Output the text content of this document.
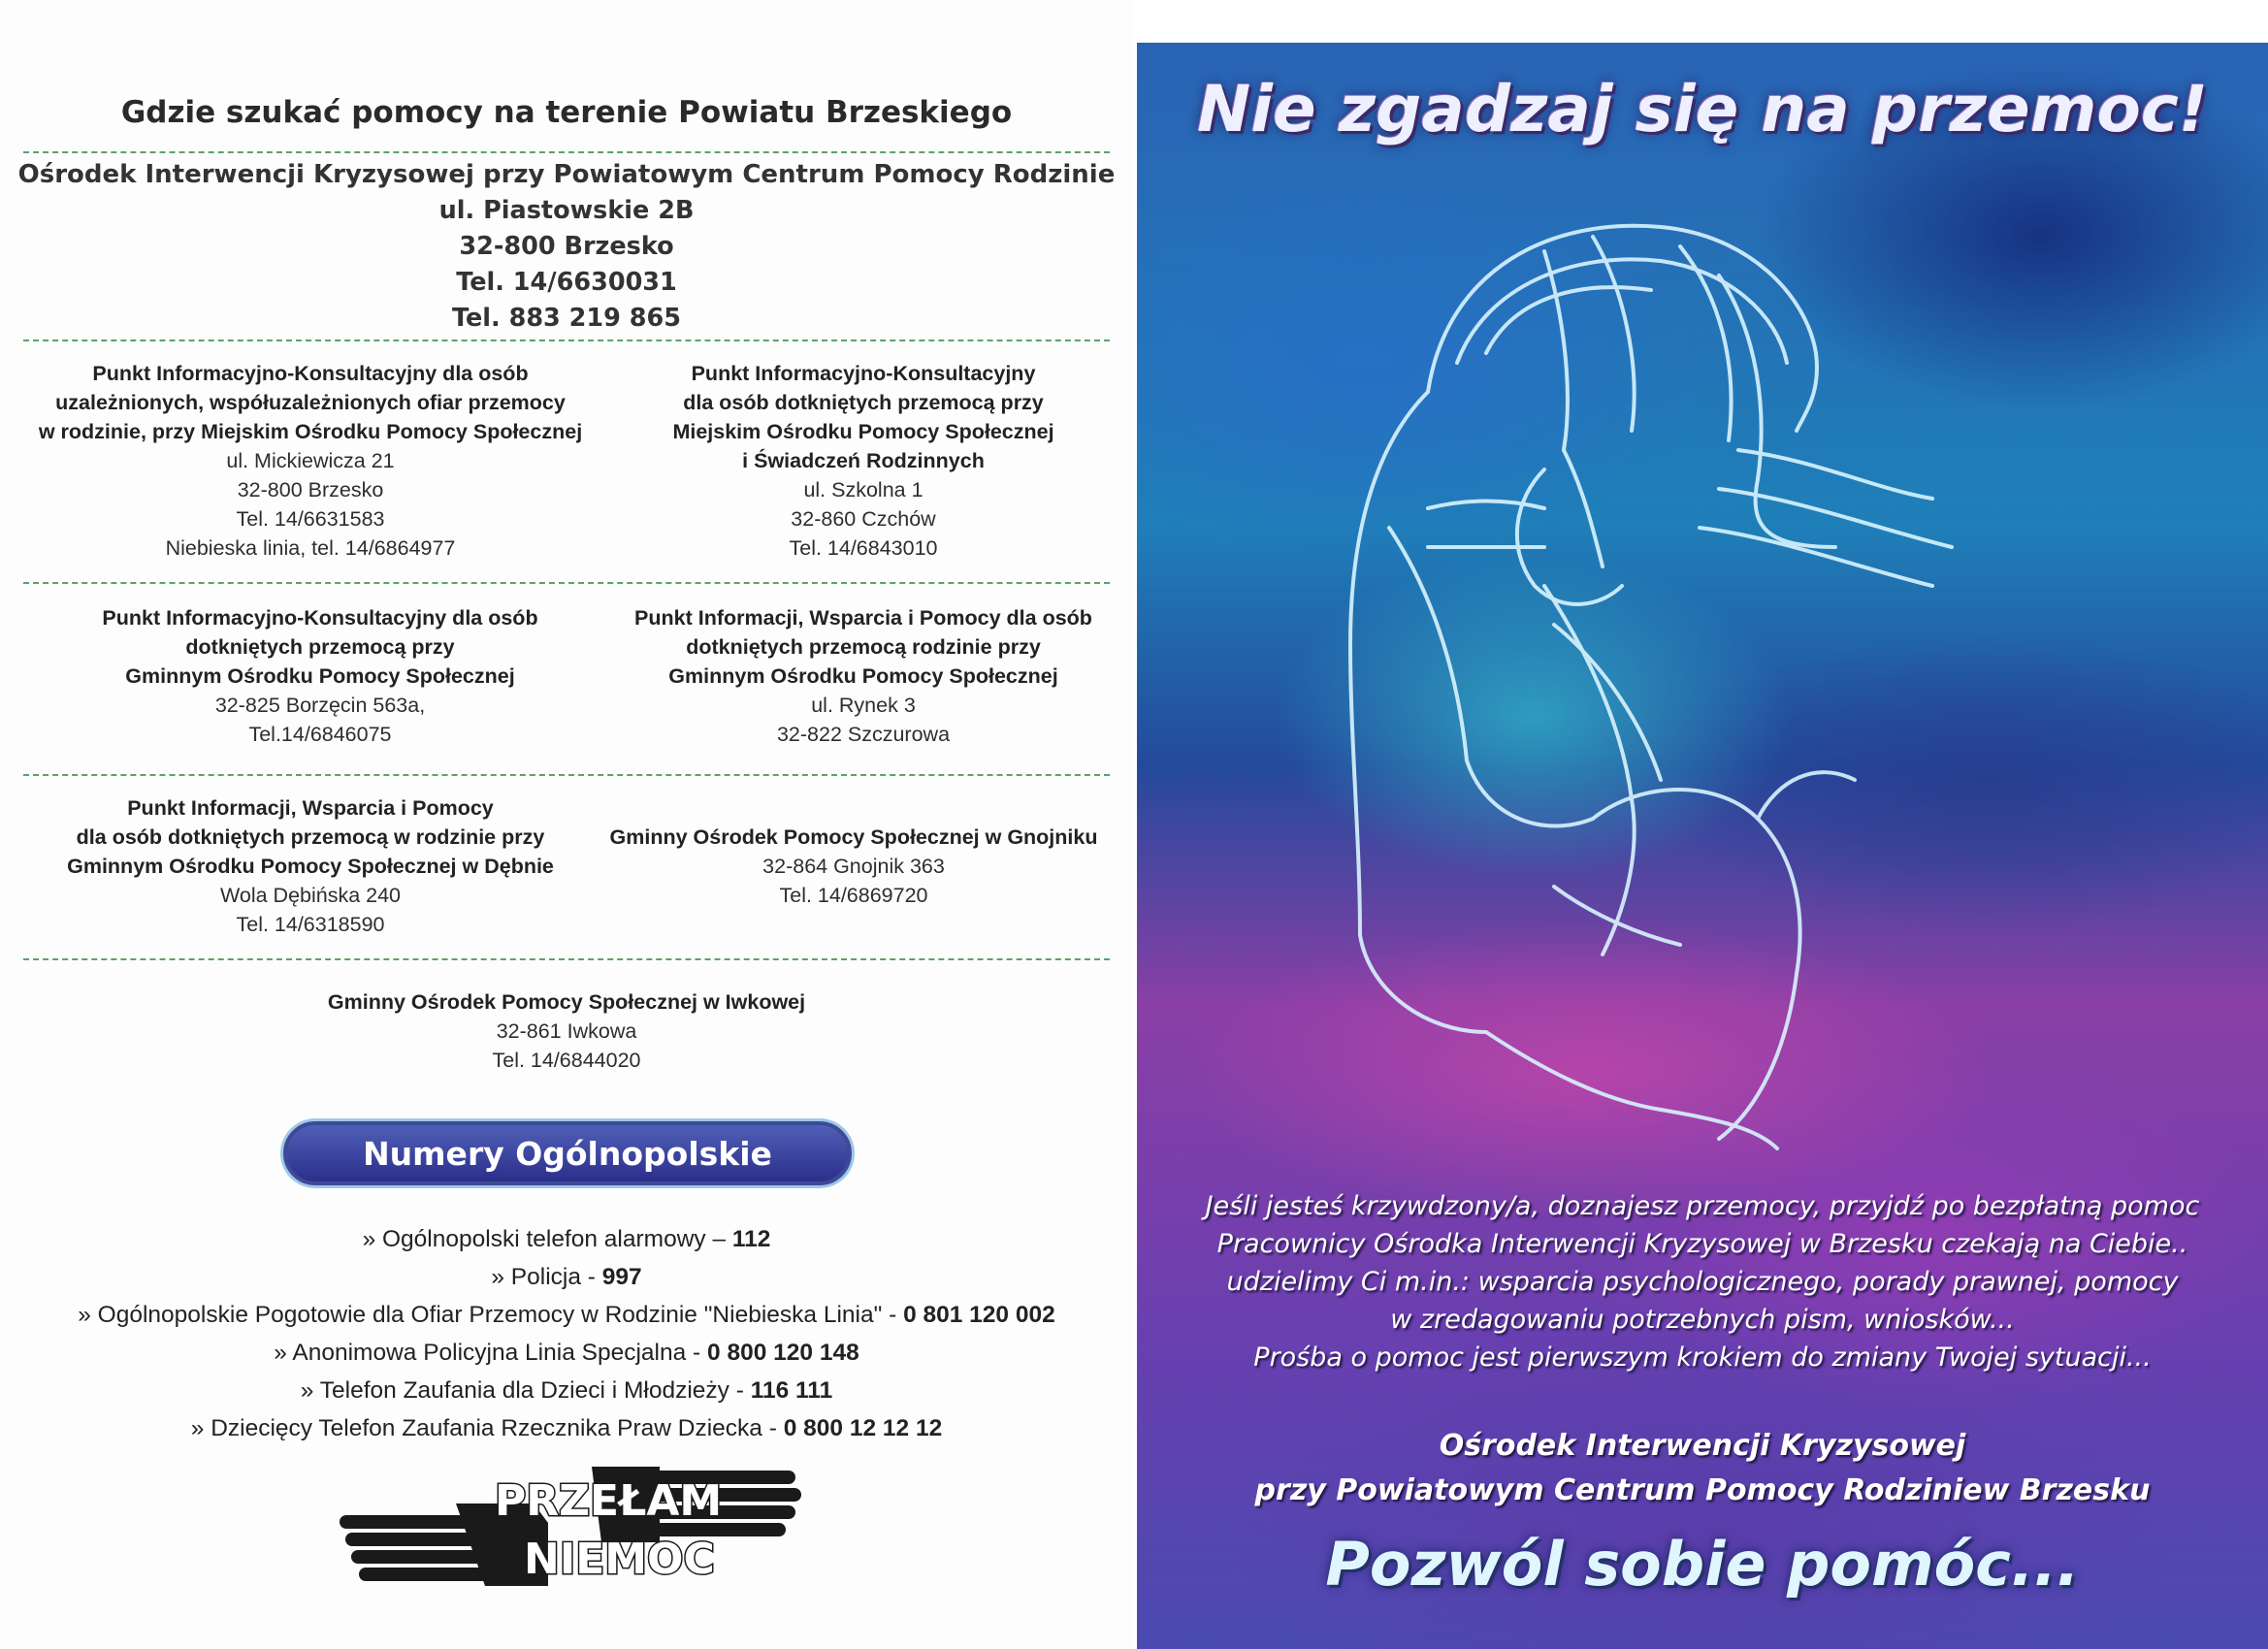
Gdzie szukać pomocy na terenie Powiatu Brzeskiego
Ośrodek Interwencji Kryzysowej przy Powiatowym Centrum Pomocy Rodzinie
ul. Piastowskie 2B
32-800 Brzesko
Tel. 14/6630031
Tel. 883 219 865
Punkt Informacyjno-Konsultacyjny dla osób
uzależnionych, współuzależnionych ofiar przemocy
w rodzinie, przy Miejskim Ośrodku Pomocy Społecznej
ul. Mickiewicza 21
32-800 Brzesko
Tel. 14/6631583
Niebieska linia, tel. 14/6864977
Punkt Informacyjno-Konsultacyjny
dla osób dotkniętych przemocą przy
Miejskim Ośrodku Pomocy Społecznej
i Świadczeń Rodzinnych
ul. Szkolna 1
32-860 Czchów
Tel. 14/6843010
Punkt Informacyjno-Konsultacyjny dla osób
dotkniętych przemocą przy
Gminnym Ośrodku Pomocy Społecznej
32-825 Borzęcin 563a,
Tel.14/6846075
Punkt Informacji, Wsparcia i Pomocy dla osób
dotkniętych przemocą rodzinie przy
Gminnym Ośrodku Pomocy Społecznej
ul. Rynek 3
32-822 Szczurowa
Punkt Informacji, Wsparcia i Pomocy
dla osób dotkniętych przemocą w rodzinie przy
Gminnym Ośrodku Pomocy Społecznej w Dębnie
Wola Dębińska 240
Tel. 14/6318590
Gminny Ośrodek Pomocy Społecznej w Gnojniku
32-864 Gnojnik 363
Tel. 14/6869720
Gminny Ośrodek Pomocy Społecznej w Iwkowej
32-861 Iwkowa
Tel. 14/6844020
Numery Ogólnopolskie
» Ogólnopolski telefon alarmowy – 112
» Policja - 997
» Ogólnopolskie Pogotowie dla Ofiar Przemocy w Rodzinie "Niebieska Linia" - 0 801 120 002
» Anonimowa Policyjna Linia Specjalna - 0 800 120 148
» Telefon Zaufania dla Dzieci i Młodzieży - 116 111
» Dziecięcy Telefon Zaufania Rzecznika Praw Dziecka - 0 800 12 12 12
PRZEŁAM
NIEMOC
Nie zgadzaj się na przemoc!
Jeśli jesteś krzywdzony/a, doznajesz przemocy, przyjdź po bezpłatną pomoc
Pracownicy Ośrodka Interwencji Kryzysowej w Brzesku czekają na Ciebie..
udzielimy Ci m.in.: wsparcia psychologicznego, porady prawnej, pomocy
w zredagowaniu potrzebnych pism, wniosków...
Prośba o pomoc jest pierwszym krokiem do zmiany Twojej sytuacji...
Ośrodek Interwencji Kryzysowej
przy Powiatowym Centrum Pomocy Rodziniew Brzesku
Pozwól sobie pomóc...
